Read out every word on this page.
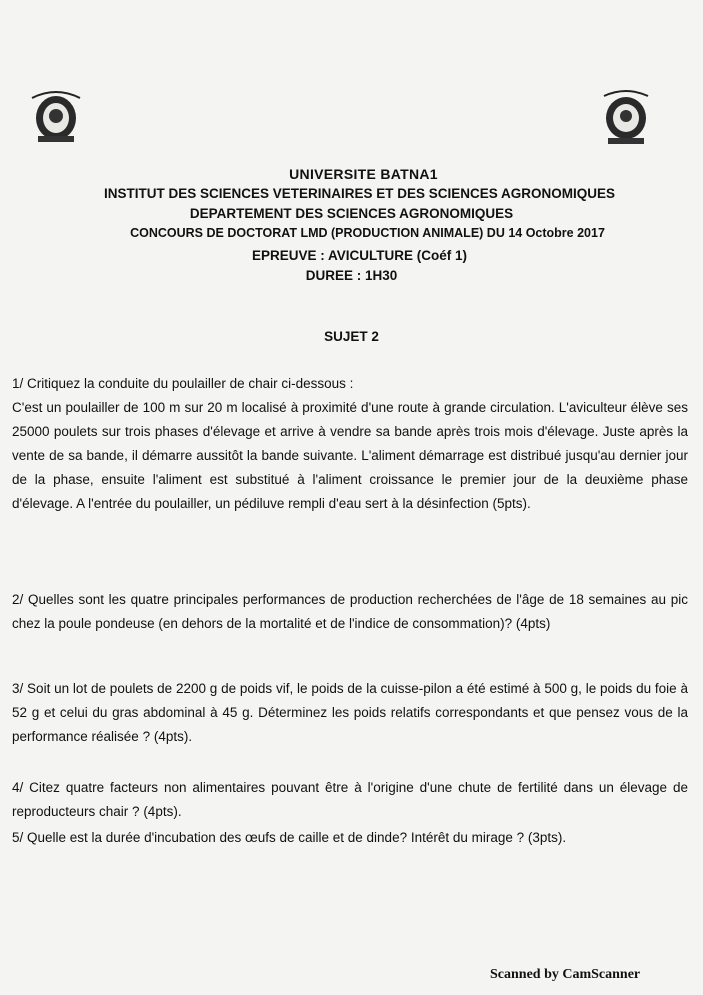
UNIVERSITE BATNA1
INSTITUT DES SCIENCES VETERINAIRES ET DES SCIENCES AGRONOMIQUES
DEPARTEMENT DES SCIENCES AGRONOMIQUES
CONCOURS DE DOCTORAT LMD (PRODUCTION ANIMALE) DU 14 Octobre 2017
EPREUVE : AVICULTURE (Coéf 1)
DUREE : 1H30
SUJET 2

1/ Critiquez la conduite du poulailler de chair ci-dessous :

C'est un poulailler de 100 m sur 20 m localisé à proximité d'une route à grande circulation. L'aviculteur élève ses 25000 poulets sur trois phases d'élevage et arrive à vendre sa bande après trois mois d'élevage. Juste après la vente de sa bande, il démarre aussitôt la bande suivante. L'aliment démarrage est distribué jusqu'au dernier jour de la phase, ensuite l'aliment est substitué à l'aliment croissance le premier jour de la deuxième phase d'élevage. A l'entrée du poulailler, un pédiluve rempli d'eau sert à la désinfection (5pts).

2/ Quelles sont les quatre principales performances de production recherchées de l'âge de 18 semaines au pic chez la poule pondeuse (en dehors de la mortalité et de l'indice de consommation)? (4pts)
3/ Soit un lot de poulets de 2200 g de poids vif, le poids de la cuisse-pilon a été estimé à 500 g, le poids du foie à 52 g et celui du gras abdominal à 45 g. Déterminez les poids relatifs correspondants et que pensez vous de la performance réalisée ? (4pts).
4/ Citez quatre facteurs non alimentaires pouvant être à l'origine d'une chute de fertilité dans un élevage de reproducteurs chair ? (4pts).
5/ Quelle est la durée d'incubation des œufs de caille et de dinde? Intérêt du mirage ? (3pts).
Scanned by CamScanner
